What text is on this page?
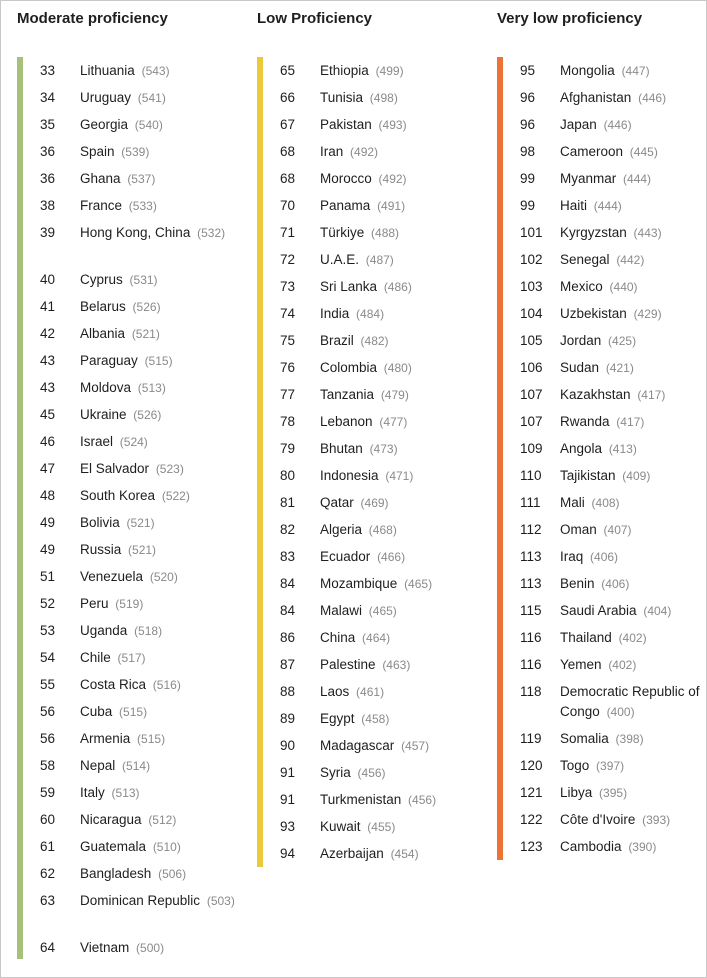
Moderate proficiency
33	Lithuania (543)
34	Uruguay (541)
35	Georgia (540)
36	Spain (539)
36	Ghana (537)
38	France (533)
39	Hong Kong, China (532)
40	Cyprus (531)
41	Belarus (526)
42	Albania (521)
43	Paraguay (515)
43	Moldova (513)
45	Ukraine (526)
46	Israel (524)
47	El Salvador (523)
48	South Korea (522)
49	Bolivia (521)
49	Russia (521)
51	Venezuela (520)
52	Peru (519)
53	Uganda (518)
54	Chile (517)
55	Costa Rica (516)
56	Cuba (515)
56	Armenia (515)
58	Nepal (514)
59	Italy (513)
60	Nicaragua (512)
61	Guatemala (510)
62	Bangladesh (506)
63	Dominican Republic (503)
64	Vietnam (500)
Low Proficiency
65	Ethiopia (499)
66	Tunisia (498)
67	Pakistan (493)
68	Iran (492)
68	Morocco (492)
70	Panama (491)
71	Türkiye (488)
72	U.A.E. (487)
73	Sri Lanka (486)
74	India (484)
75	Brazil (482)
76	Colombia (480)
77	Tanzania (479)
78	Lebanon (477)
79	Bhutan (473)
80	Indonesia (471)
81	Qatar (469)
82	Algeria (468)
83	Ecuador (466)
84	Mozambique (465)
84	Malawi (465)
86	China (464)
87	Palestine (463)
88	Laos (461)
89	Egypt (458)
90	Madagascar (457)
91	Syria (456)
91	Turkmenistan (456)
93	Kuwait (455)
94	Azerbaijan (454)
Very low proficiency
95	Mongolia (447)
96	Afghanistan (446)
96	Japan (446)
98	Cameroon (445)
99	Myanmar (444)
99	Haiti (444)
101	Kyrgyzstan (443)
102	Senegal (442)
103	Mexico (440)
104	Uzbekistan (429)
105	Jordan (425)
106	Sudan (421)
107	Kazakhstan (417)
107	Rwanda (417)
109	Angola (413)
110	Tajikistan (409)
111	Mali (408)
112	Oman (407)
113	Iraq (406)
113	Benin (406)
115	Saudi Arabia (404)
116	Thailand (402)
116	Yemen (402)
118	Democratic Republic of Congo (400)
119	Somalia (398)
120	Togo (397)
121	Libya (395)
122	Côte d'Ivoire (393)
123	Cambodia (390)
